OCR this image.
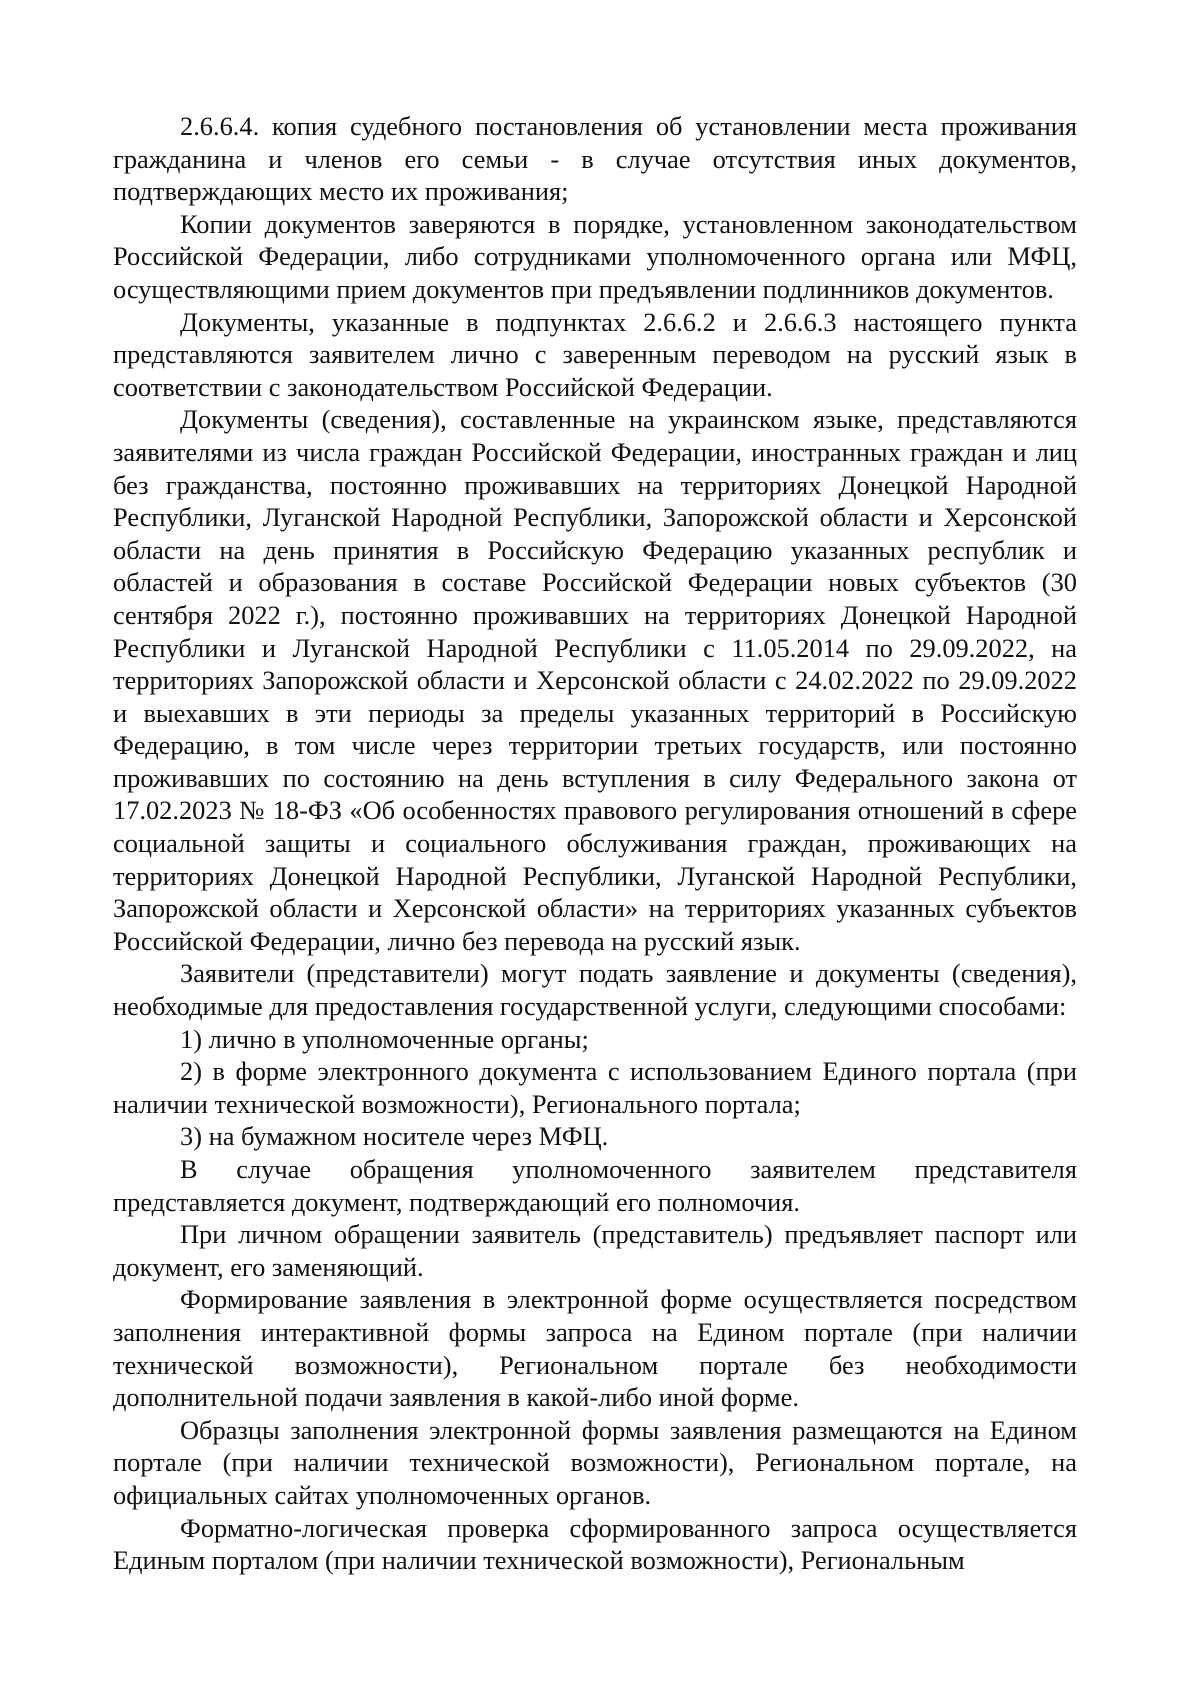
2.6.6.4. копия судебного постановления об установлении места проживания гражданина и членов его семьи - в случае отсутствия иных документов, подтверждающих место их проживания;

Копии документов заверяются в порядке, установленном законодательством Российской Федерации, либо сотрудниками уполномоченного органа или МФЦ, осуществляющими прием документов при предъявлении подлинников документов.

Документы, указанные в подпунктах 2.6.6.2 и 2.6.6.3 настоящего пункта представляются заявителем лично с заверенным переводом на русский язык в соответствии с законодательством Российской Федерации.

Документы (сведения), составленные на украинском языке, представляются заявителями из числа граждан Российской Федерации, иностранных граждан и лиц без гражданства, постоянно проживавших на территориях Донецкой Народной Республики, Луганской Народной Республики, Запорожской области и Херсонской области на день принятия в Российскую Федерацию указанных республик и областей и образования в составе Российской Федерации новых субъектов (30 сентября 2022 г.), постоянно проживавших на территориях Донецкой Народной Республики и Луганской Народной Республики с 11.05.2014 по 29.09.2022, на территориях Запорожской области и Херсонской области с 24.02.2022 по 29.09.2022 и выехавших в эти периоды за пределы указанных территорий в Российскую Федерацию, в том числе через территории третьих государств, или постоянно проживавших по состоянию на день вступления в силу Федерального закона от 17.02.2023 № 18-ФЗ «Об особенностях правового регулирования отношений в сфере социальной защиты и социального обслуживания граждан, проживающих на территориях Донецкой Народной Республики, Луганской Народной Республики, Запорожской области и Херсонской области» на территориях указанных субъектов Российской Федерации, лично без перевода на русский язык.

Заявители (представители) могут подать заявление и документы (сведения), необходимые для предоставления государственной услуги, следующими способами:

1) лично в уполномоченные органы;

2) в форме электронного документа с использованием Единого портала (при наличии технической возможности), Регионального портала;

3) на бумажном носителе через МФЦ.

В случае обращения уполномоченного заявителем представителя представляется документ, подтверждающий его полномочия.

При личном обращении заявитель (представитель) предъявляет паспорт или документ, его заменяющий.

Формирование заявления в электронной форме осуществляется посредством заполнения интерактивной формы запроса на Едином портале (при наличии технической возможности), Региональном портале без необходимости дополнительной подачи заявления в какой-либо иной форме.

Образцы заполнения электронной формы заявления размещаются на Едином портале (при наличии технической возможности), Региональном портале, на официальных сайтах уполномоченных органов.

Форматно-логическая проверка сформированного запроса осуществляется Единым порталом (при наличии технической возможности), Региональным
